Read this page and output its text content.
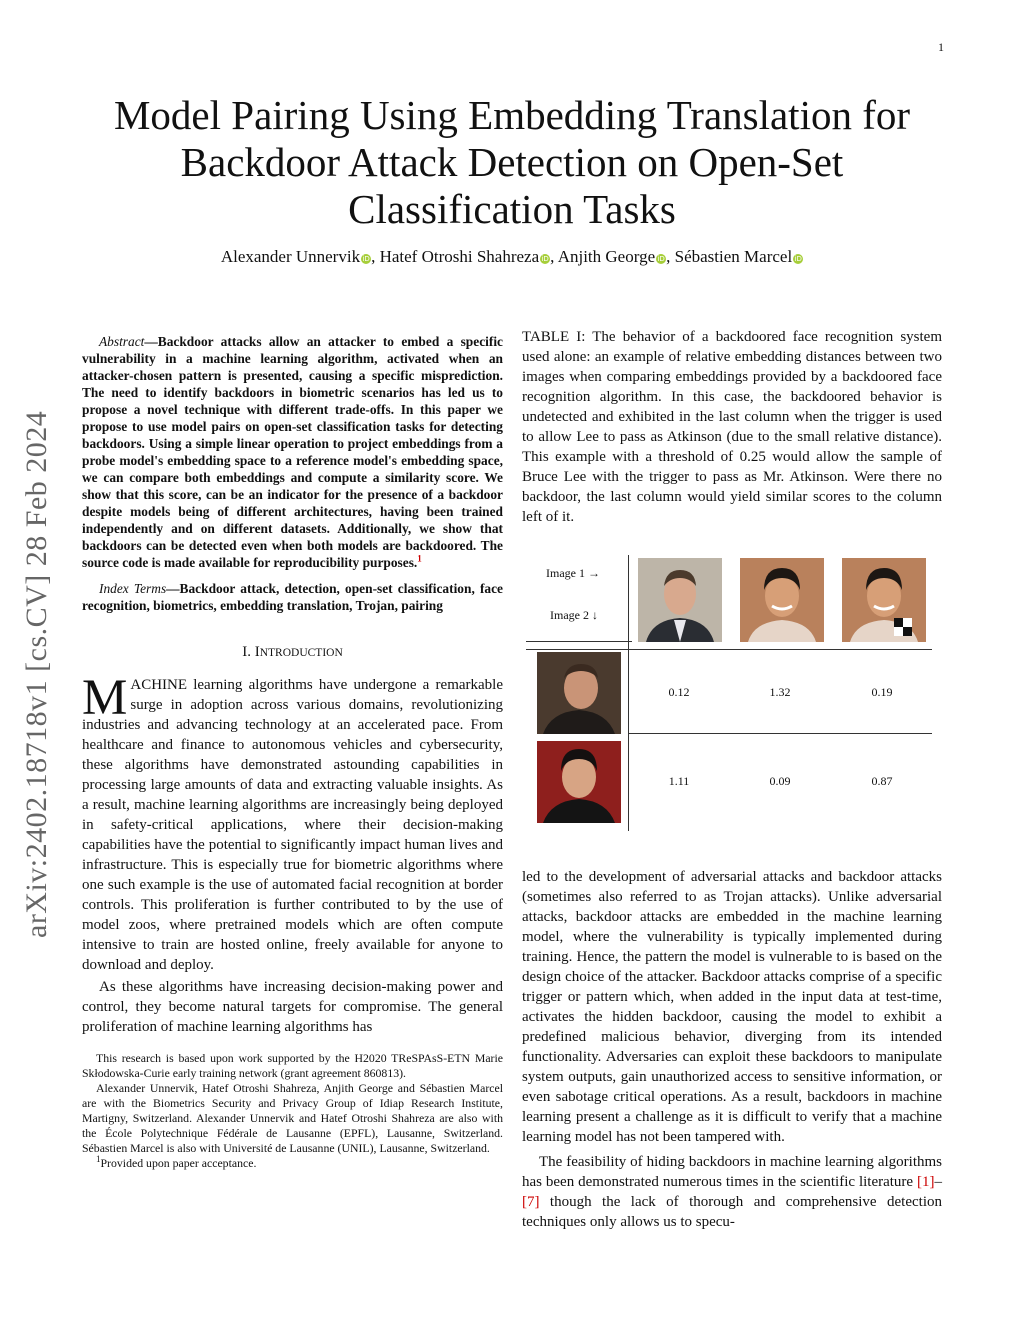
1
arXiv:2402.18718v1 [cs.CV] 28 Feb 2024
Model Pairing Using Embedding Translation for
Backdoor Attack Detection on Open-Set
Classification Tasks
Alexander Unnervik iD, Hatef Otroshi Shahreza iD, Anjith George iD, Sébastien Marcel iD
Abstract—Backdoor attacks allow an attacker to embed a specific vulnerability in a machine learning algorithm, activated when an attacker-chosen pattern is presented, causing a specific misprediction. The need to identify backdoors in biometric scenarios has led us to propose a novel technique with different trade-offs. In this paper we propose to use model pairs on open-set classification tasks for detecting backdoors. Using a simple linear operation to project embeddings from a probe model's embedding space to a reference model's embedding space, we can compare both embeddings and compute a similarity score. We show that this score, can be an indicator for the presence of a backdoor despite models being of different architectures, having been trained independently and on different datasets. Additionally, we show that backdoors can be detected even when both models are backdoored. The source code is made available for reproducibility purposes.$^1$
Index Terms—Backdoor attack, detection, open-set classification, face recognition, biometrics, embedding translation, Trojan, pairing
I. INTRODUCTION

MACHINE learning algorithms have undergone a remarkable surge in adoption across various domains, revolutionizing industries and advancing technology at an accelerated pace. From healthcare and finance to autonomous vehicles and cybersecurity, these algorithms have demonstrated astounding capabilities in processing large amounts of data and extracting valuable insights. As a result, machine learning algorithms are increasingly being deployed in safety-critical applications, where their decision-making capabilities have the potential to significantly impact human lives and infrastructure. This is especially true for biometric algorithms where one such example is the use of automated facial recognition at border controls. This proliferation is further contributed to by the use of model zoos, where pretrained models which are often compute intensive to train are hosted online, freely available for anyone to download and deploy.

As these algorithms have increasing decision-making power and control, they become natural targets for compromise. The general proliferation of machine learning algorithms has

This research is based upon work supported by the H2020 TReSPAsS-ETN Marie Skłodowska-Curie early training network (grant agreement 860813).
Alexander Unnervik, Hatef Otroshi Shahreza, Anjith George and Sébastien Marcel are with the Biometrics Security and Privacy Group of Idiap Research Institute, Martigny, Switzerland. Alexander Unnervik and Hatef Otroshi Shahreza are also with the École Polytechnique Fédérale de Lausanne (EPFL), Lausanne, Switzerland. Sébastien Marcel is also with Université de Lausanne (UNIL), Lausanne, Switzerland.
$^1$Provided upon paper acceptance.
TABLE I: The behavior of a backdoored face recognition system used alone: an example of relative embedding distances between two images when comparing embeddings provided by a backdoored face recognition algorithm. In this case, the backdoored behavior is undetected and exhibited in the last column when the trigger is used to allow Lee to pass as Atkinson (due to the small relative distance). This example with a threshold of 0.25 would allow the sample of Bruce Lee with the trigger to pass as Mr. Atkinson. Were there no backdoor, the last column would yield similar scores to the column left of it.
Image 1 →
Image 2 ↓
0.12	1.32	0.19
1.11	0.09	0.87

led to the development of adversarial attacks and backdoor attacks (sometimes also referred to as Trojan attacks). Unlike adversarial attacks, backdoor attacks are embedded in the machine learning model, where the vulnerability is typically implemented during training. Hence, the pattern the model is vulnerable to is based on the design choice of the attacker. Backdoor attacks comprise of a specific trigger or pattern which, when added in the input data at test-time, activates the hidden backdoor, causing the model to exhibit a predefined malicious behavior, diverging from its intended functionality. Adversaries can exploit these backdoors to manipulate system outputs, gain unauthorized access to sensitive information, or even sabotage critical operations. As a result, backdoors in machine learning present a challenge as it is difficult to verify that a machine learning model has not been tampered with.

The feasibility of hiding backdoors in machine learning algorithms has been demonstrated numerous times in the scientific literature [1]–[7] though the lack of thorough and comprehensive detection techniques only allows us to specu-
